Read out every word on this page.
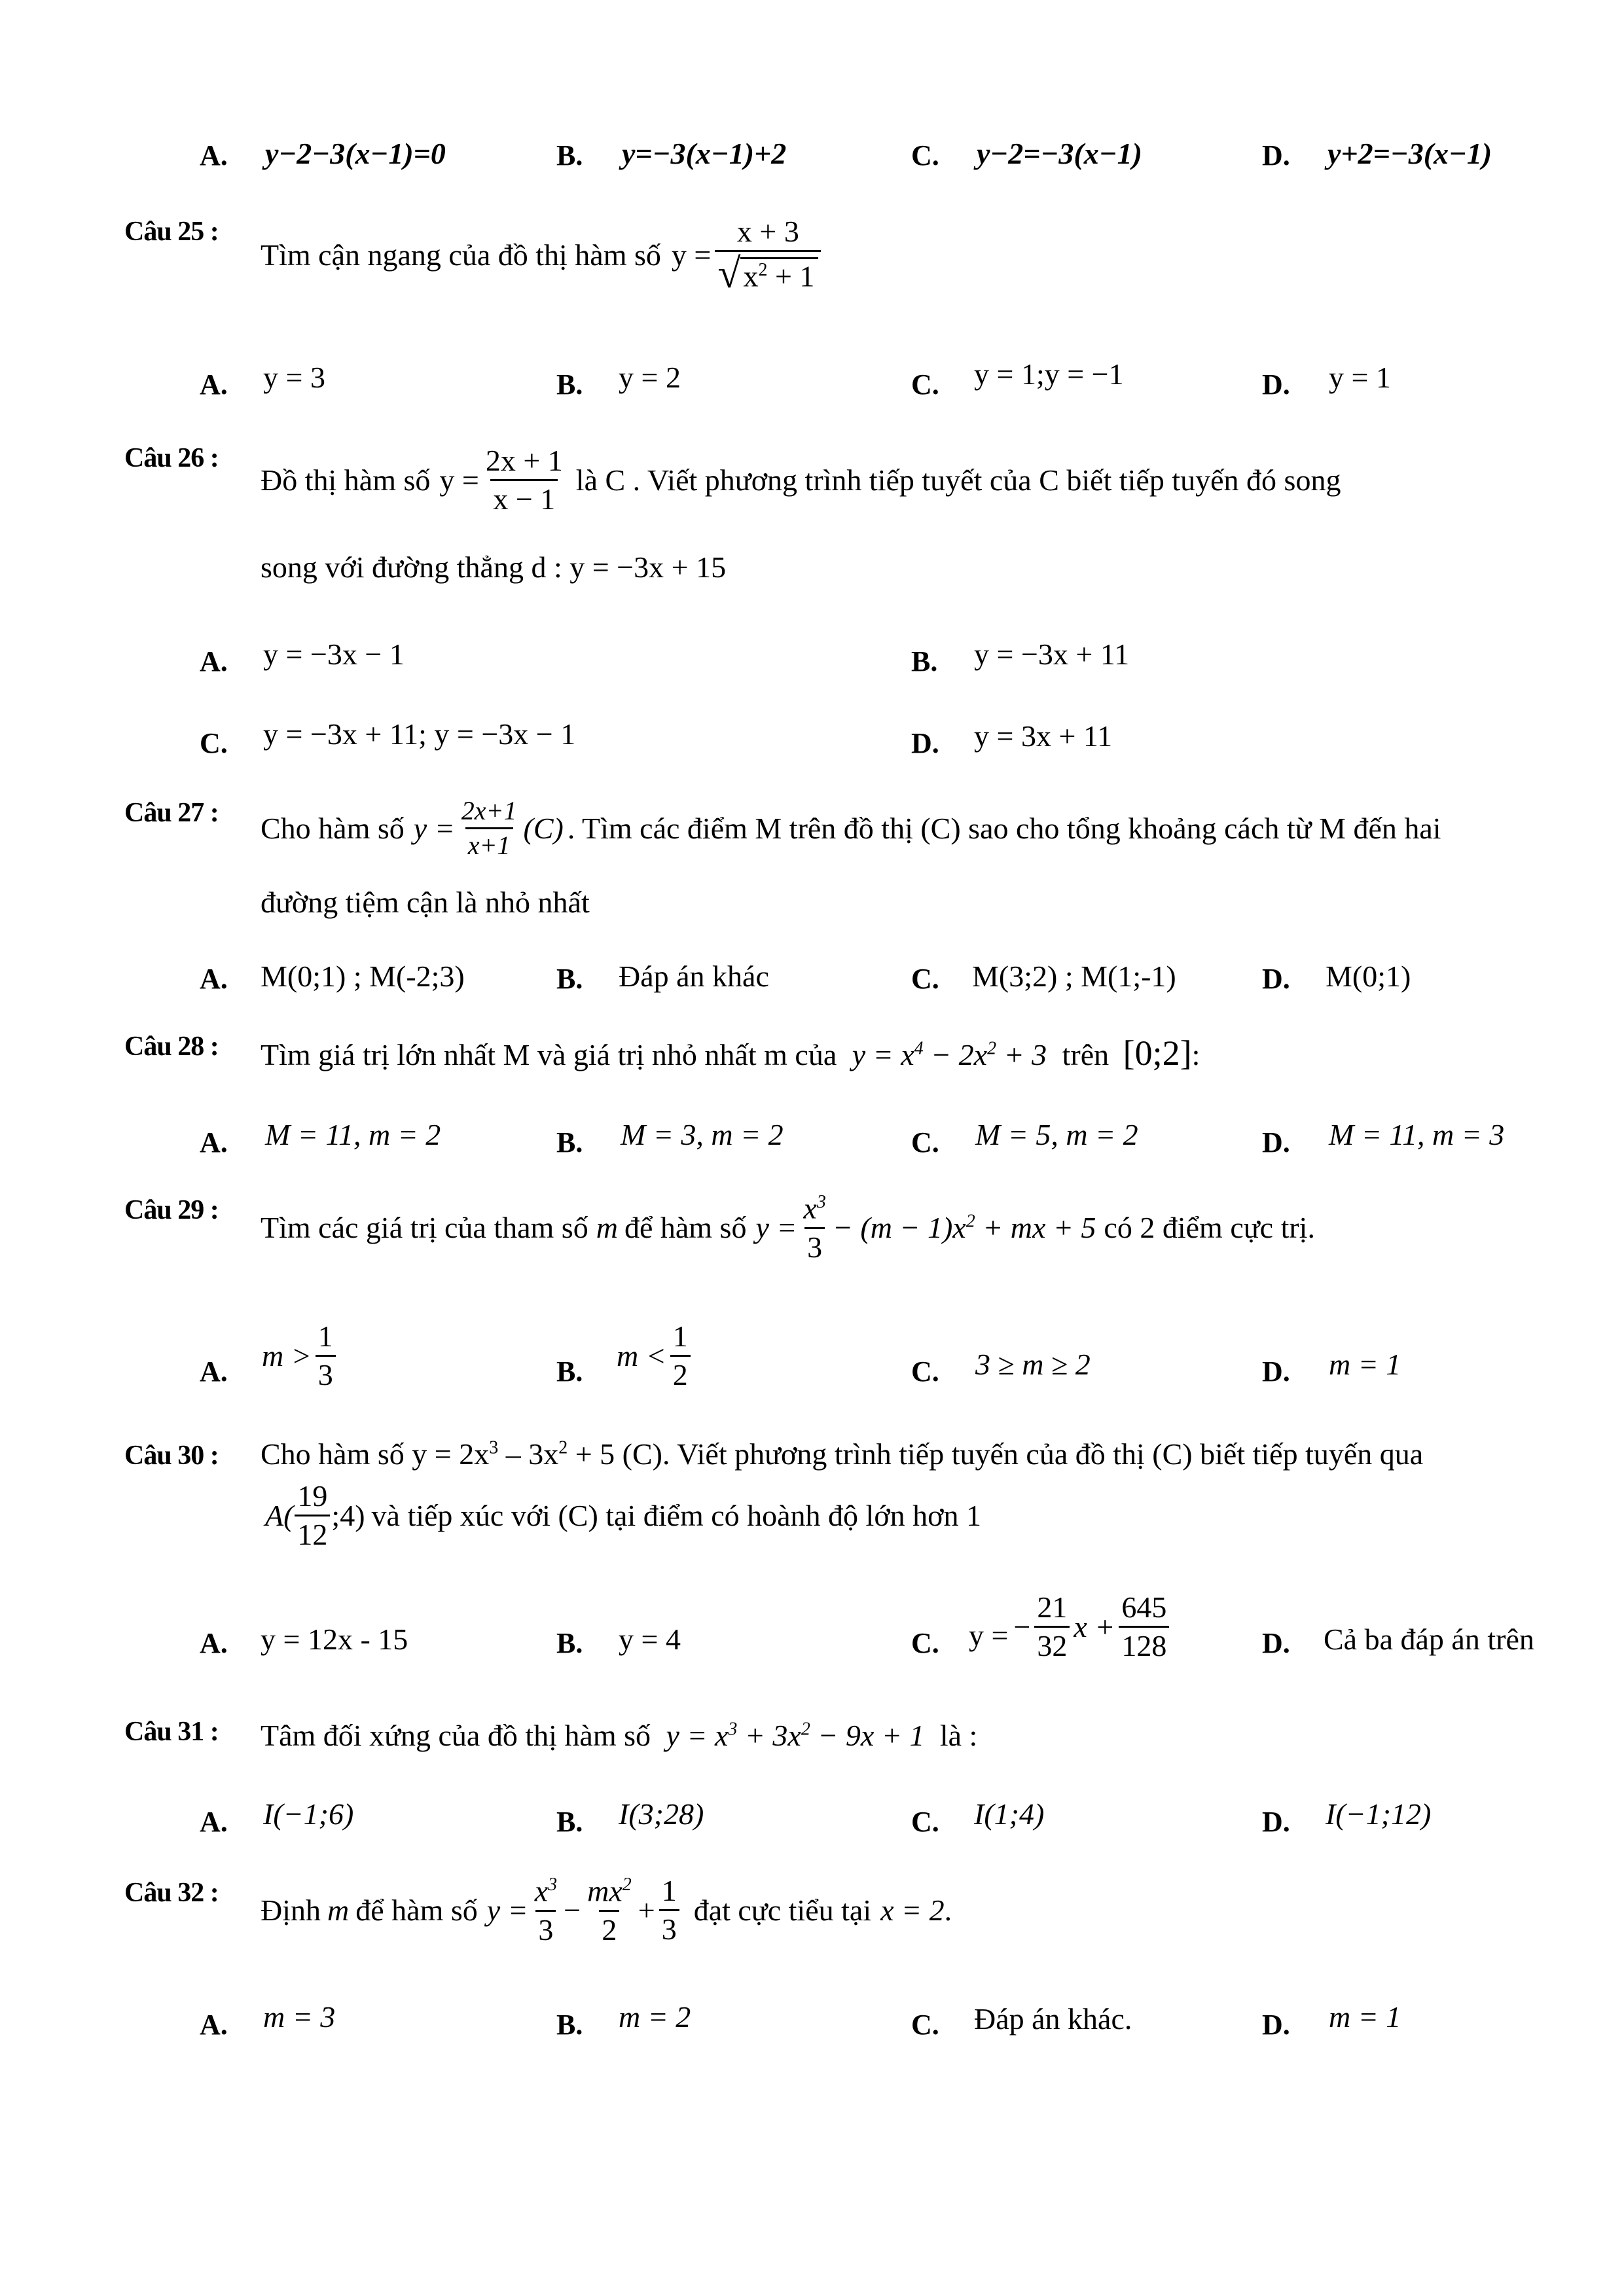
A. y−2−3(x−1)=0	B. y=−3(x−1)+2	C. y−2=−3(x−1)	D. y+2=−3(x−1)
Câu 25 :
Tìm cận ngang của đồ thị hàm số $y = \frac{x + 3}{√ x^2 + 1}$
A. y = 3	B. y = 2	C. y = 1;y = −1	D. y = 1
Câu 26 :
Đồ thị hàm số $y = \frac{2x + 1}{x - 1}$ là C . Viết phương trình tiếp tuyết của C biết tiếp tuyến đó song
song với đường thẳng d : y = −3x + 15
A. y = −3x − 1	B. y = −3x + 11
C. y = −3x + 11; y = −3x − 1	D. y = 3x + 11
Câu 27 : Cho hàm số $y = \frac{2x+1}{x+1} (C)$ . Tìm các điểm M trên đồ thị (C) sao cho tổng khoảng cách từ M đến hai
đường tiệm cận là nhỏ nhất
A. M(0;1) ; M(-2;3)	B. Đáp án khác	C. M(3;2) ; M(1;-1)	D. M(0;1)
Câu 28 : Tìm giá trị lớn nhất M và giá trị nhỏ nhất m của $y = x^4 - 2x^2 + 3$ trên [0;2]:
A. M = 11, m = 2	B. M = 3, m = 2	C. M = 5, m = 2	D. M = 11, m = 3
Câu 29 :
Tìm các giá trị của tham số m để hàm số $y = \frac{x^3}{3} - (m - 1)x^2$ + mx + 5 có 2 điểm cực trị.
A. $m > \frac{1}{3}$	B. $m < \frac{1}{2}$	C. 3 ≥ m ≥ 2	D. m = 1
Câu 30 : Cho hàm số $y = 2x^3 - 3x^2 + 5$ (C). Viết phương trình tiếp tuyến của đồ thị (C) biết tiếp tuyến qua
$A( \frac{19}{12}$ ;4) và tiếp xúc với (C) tại điểm có hoành độ lớn hơn 1
A. y = 12x - 15	B. y = 4	C. y = − $\frac{21}{32}$ $x + \frac{645}{128}$	D. Cả ba đáp án trên
Câu 31 : Tâm đối xứng của đồ thị hàm số $y = x^3 + 3x^2 - 9x + 1$ là :
A. I(−1;6)	B. I(3;28)	C. I(1;4)	D. I(−1;12)
Câu 32 :
Định m để hàm số $y = \frac{x^3}{3} - \frac{mx^2}{2} + \frac{1}{3}$ đạt cực tiểu tại x = 2 .
A. m = 3	B. m = 2	C. Đáp án khác.	D. m = 1
